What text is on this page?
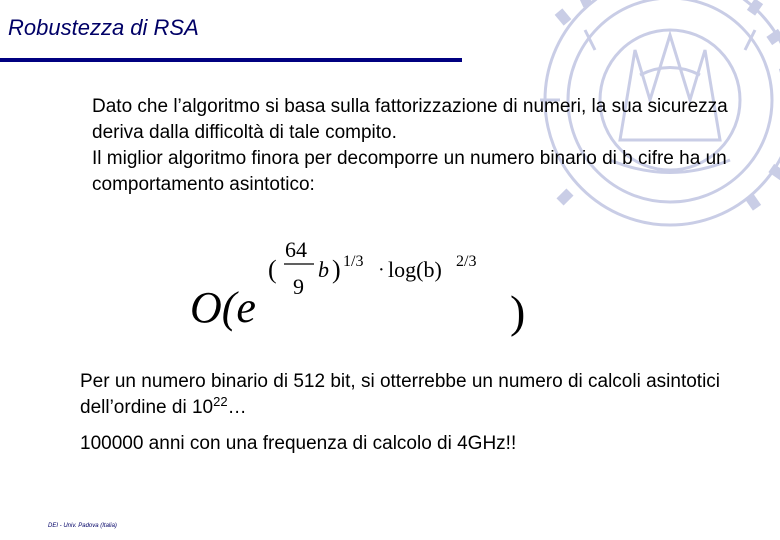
Robustezza di RSA

Dato che l’algoritmo si basa sulla fattorizzazione di numeri, la sua sicurezza deriva dalla difficoltà di tale compito.

Il miglior algoritmo finora per decomporre un numero binario di b cifre ha un comportamento asintotico:

O(e
(
64
9
b ) 1/3 · log(b) 2/3
)

Per un numero binario di 512 bit, si otterrebbe un numero di calcoli asintotici dell’ordine di $10^{22}\dots$

100000 anni con una frequenza di calcolo di 4GHz!!

DEI - Univ. Padova (Italia)
